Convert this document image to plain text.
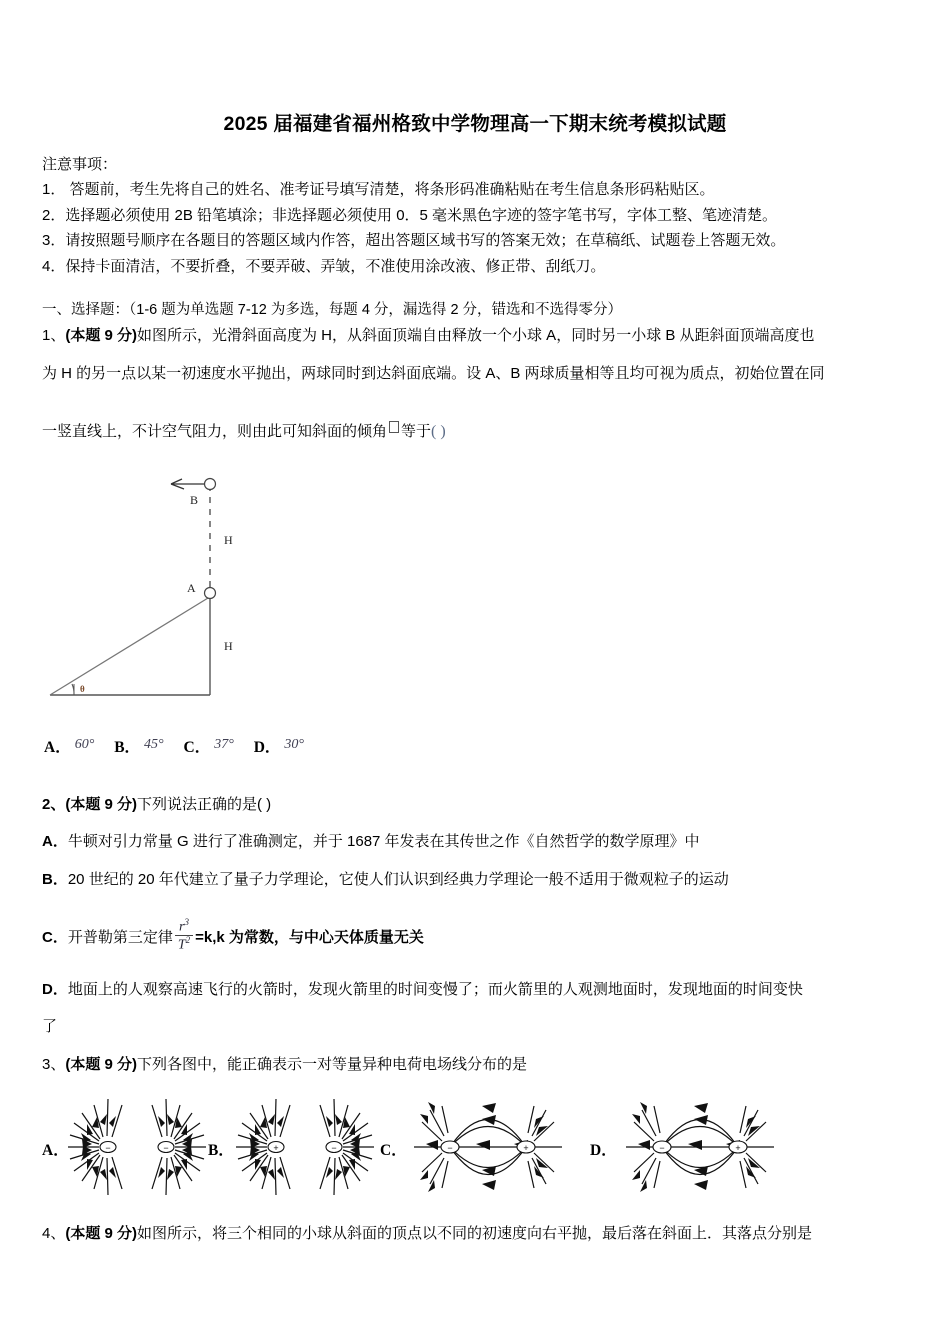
2025 届福建省福州格致中学物理高一下期末统考模拟试题
注意事项：
1． 答题前，考生先将自己的姓名、准考证号填写清楚，将条形码准确粘贴在考生信息条形码粘贴区。
2．选择题必须使用 2B 铅笔填涂；非选择题必须使用 0．5 毫米黑色字迹的签字笔书写，字体工整、笔迹清楚。
3．请按照题号顺序在各题目的答题区域内作答，超出答题区域书写的答案无效；在草稿纸、试题卷上答题无效。
4．保持卡面清洁，不要折叠，不要弄破、弄皱，不准使用涂改液、修正带、刮纸刀。
一、选择题：（1-6 题为单选题 7-12 为多选，每题 4 分，漏选得 2 分，错选和不选得零分）
1、(本题 9 分)如图所示，光滑斜面高度为 H，从斜面顶端自由释放一个小球 A，同时另一小球 B 从距斜面顶端高度也
为 H 的另一点以某一初速度水平抛出，两球同时到达斜面底端。设 A、B 两球质量相等且均可视为质点，初始位置在同
一竖直线上，不计空气阻力，则由此可知斜面的倾角 等于( )
θ
A
H
H
B
A． 60° B． 45° C． 37° D． 30°
2、(本题 9 分)下列说法正确的是( )
A．牛顿对引力常量 G 进行了准确测定，并于 1687 年发表在其传世之作《自然哲学的数学原理》中
B．20 世纪的 20 年代建立了量子力学理论，它使人们认识到经典力学理论一般不适用于微观粒子的运动
C．开普勒第三定律 $\frac{r^3}{T^2} =k,k$ 为常数，与中心天体质量无关
D．地面上的人观察高速飞行的火箭时，发现火箭里的时间变慢了；而火箭里的人观测地面时，发现地面的时间变快
了
3、(本题 9 分)下列各图中，能正确表示一对等量异种电荷电场线分布的是
A．	−	−	B．	+	−	C．	−	+	D．	−	+
4、(本题 9 分)如图所示，将三个相同的小球从斜面的顶点以不同的初速度向右平抛，最后落在斜面上．其落点分别是
